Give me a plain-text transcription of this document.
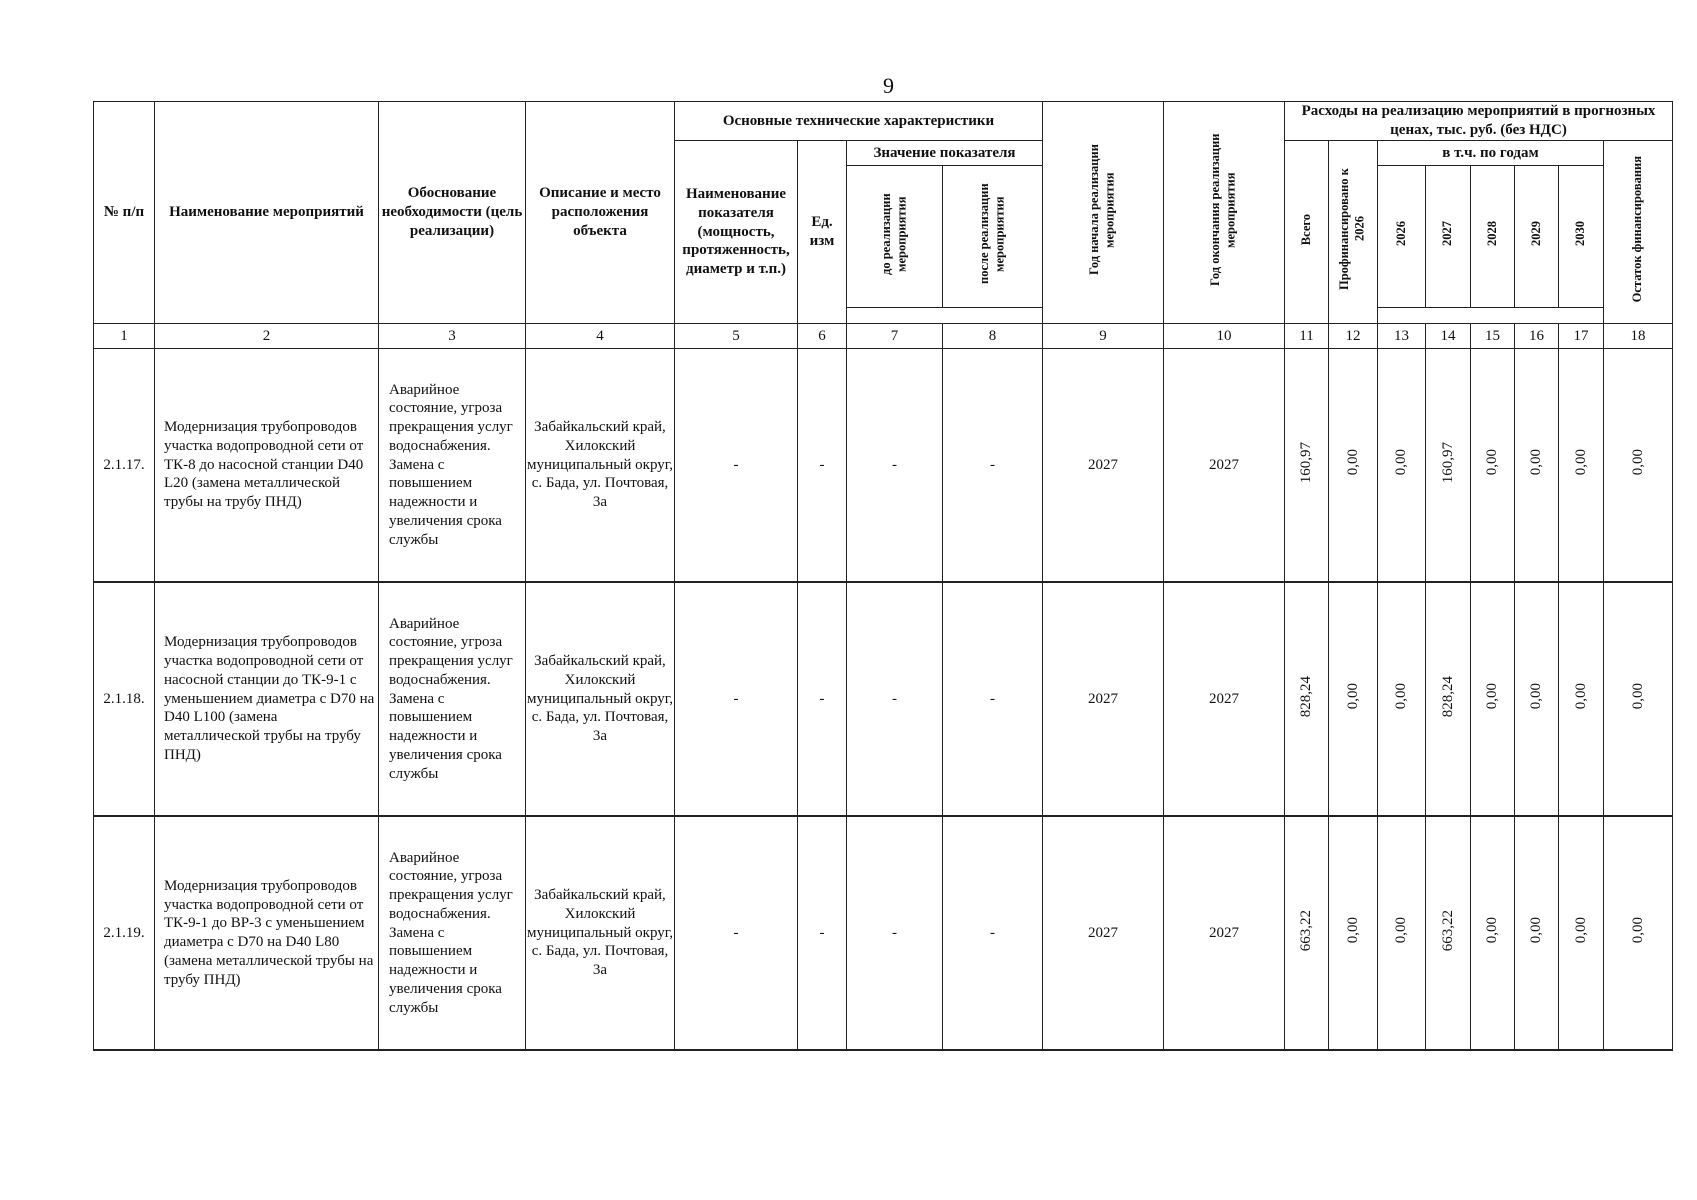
9
№ п/п	Наименование мероприятий	Обоснование необходимости (цель реализации)	Описание и место расположения объекта	Основные технические характеристики				Год начала реализации мероприятия	Год окончания реализации мероприятия	Расходы на реализацию мероприятий в прогнозных ценах, тыс. руб. (без НДС)							
				Наименование показателя (мощность, протяженность, диаметр и т.п.)	Ед. изм	Значение показателя				Всего	Профинансировано к 2026	в т.ч. по годам					Остаток финансирования
						до реализации мероприятия	после реализации мероприятия					2026	2027	2028	2029	2030	

1	2	3	4	5	6	7	8	9	10	11	12	13	14	15	16	17	18
2.1.17.	Модернизация трубопроводов участка водопроводной сети от ТК-8 до насосной станции D40 L20 (замена металлической трубы на трубу ПНД)	Аварийное состояние, угроза прекращения услуг водоснабжения. Замена с повышением надежности и увеличения срока службы	Забайкальский край, Хилокский муниципальный округ, с. Бада, ул. Почтовая, 3а	-	-	-	-	2027	2027	160,97	0,00	0,00	160,97	0,00	0,00	0,00	0,00
2.1.18.	Модернизация трубопроводов участка водопроводной сети от насосной станции до ТК-9-1 с уменьшением диаметра с D70 на D40 L100 (замена металлической трубы на трубу ПНД)	Аварийное состояние, угроза прекращения услуг водоснабжения. Замена с повышением надежности и увеличения срока службы	Забайкальский край, Хилокский муниципальный округ, с. Бада, ул. Почтовая, 3а	-	-	-	-	2027	2027	828,24	0,00	0,00	828,24	0,00	0,00	0,00	0,00
2.1.19.	Модернизация трубопроводов участка водопроводной сети от ТК-9-1 до ВР-3 с уменьшением диаметра с D70 на D40 L80 (замена металлической трубы на трубу ПНД)	Аварийное состояние, угроза прекращения услуг водоснабжения. Замена с повышением надежности и увеличения срока службы	Забайкальский край, Хилокский муниципальный округ, с. Бада, ул. Почтовая, 3а	-	-	-	-	2027	2027	663,22	0,00	0,00	663,22	0,00	0,00	0,00	0,00
